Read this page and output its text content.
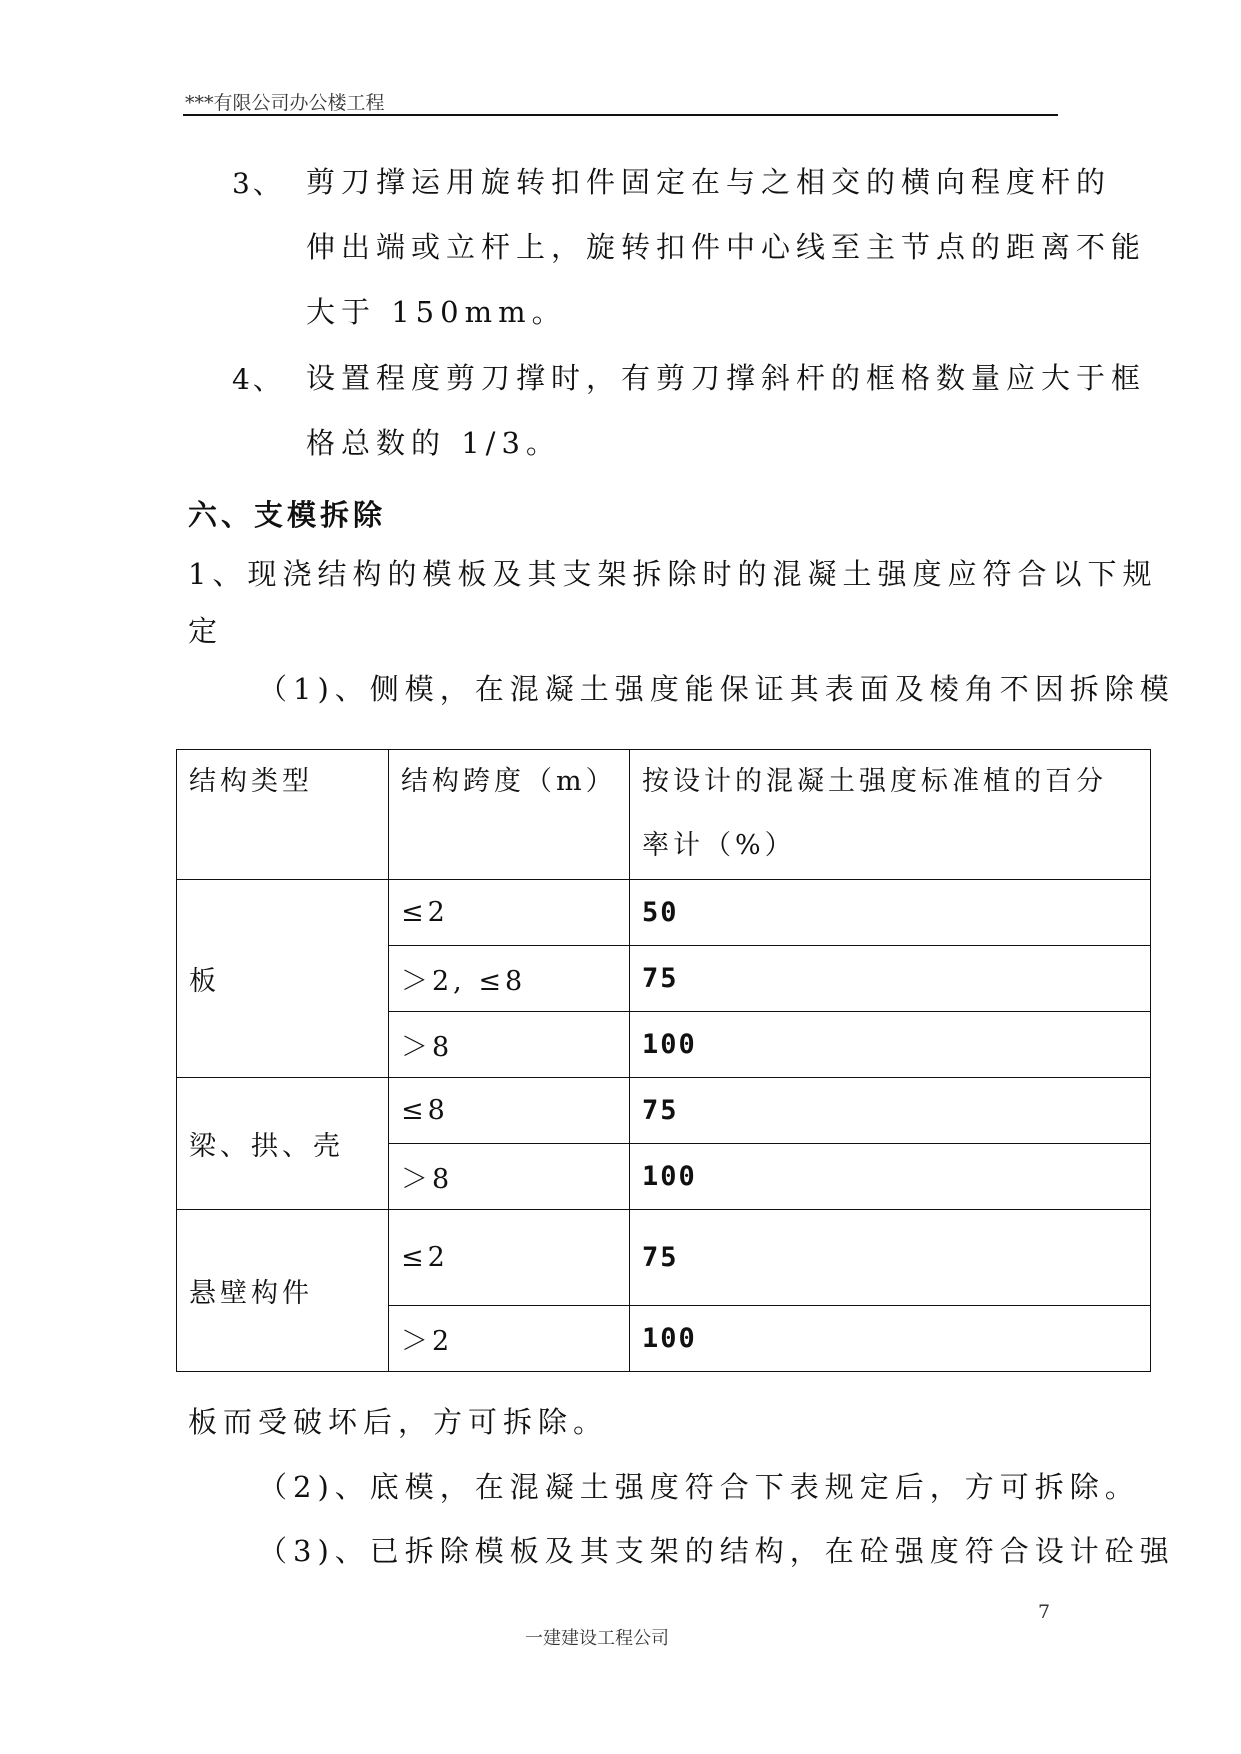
***有限公司办公楼工程
3、 剪刀撑运用旋转扣件固定在与之相交的横向程度杆的
伸出端或立杆上，旋转扣件中心线至主节点的距离不能
大于 150mm。
4、 设置程度剪刀撑时，有剪刀撑斜杆的框格数量应大于框
格总数的 1/3。
六、支模拆除
1、现浇结构的模板及其支架拆除时的混凝土强度应符合以下规
定
（1)、侧模，在混凝土强度能保证其表面及棱角不因拆除模
结构类型	结构跨度（m）	按设计的混凝土强度标准植的百分
率计（%）

板	≤2	50
	＞2, ≤8	75
	＞8	100
梁、拱、壳	≤8	75
	＞8	100
悬壁构件	≤2	75
	＞2	100
板而受破坏后，方可拆除。
（2)、底模，在混凝土强度符合下表规定后，方可拆除。
（3)、已拆除模板及其支架的结构，在砼强度符合设计砼强
7
一建建设工程公司
